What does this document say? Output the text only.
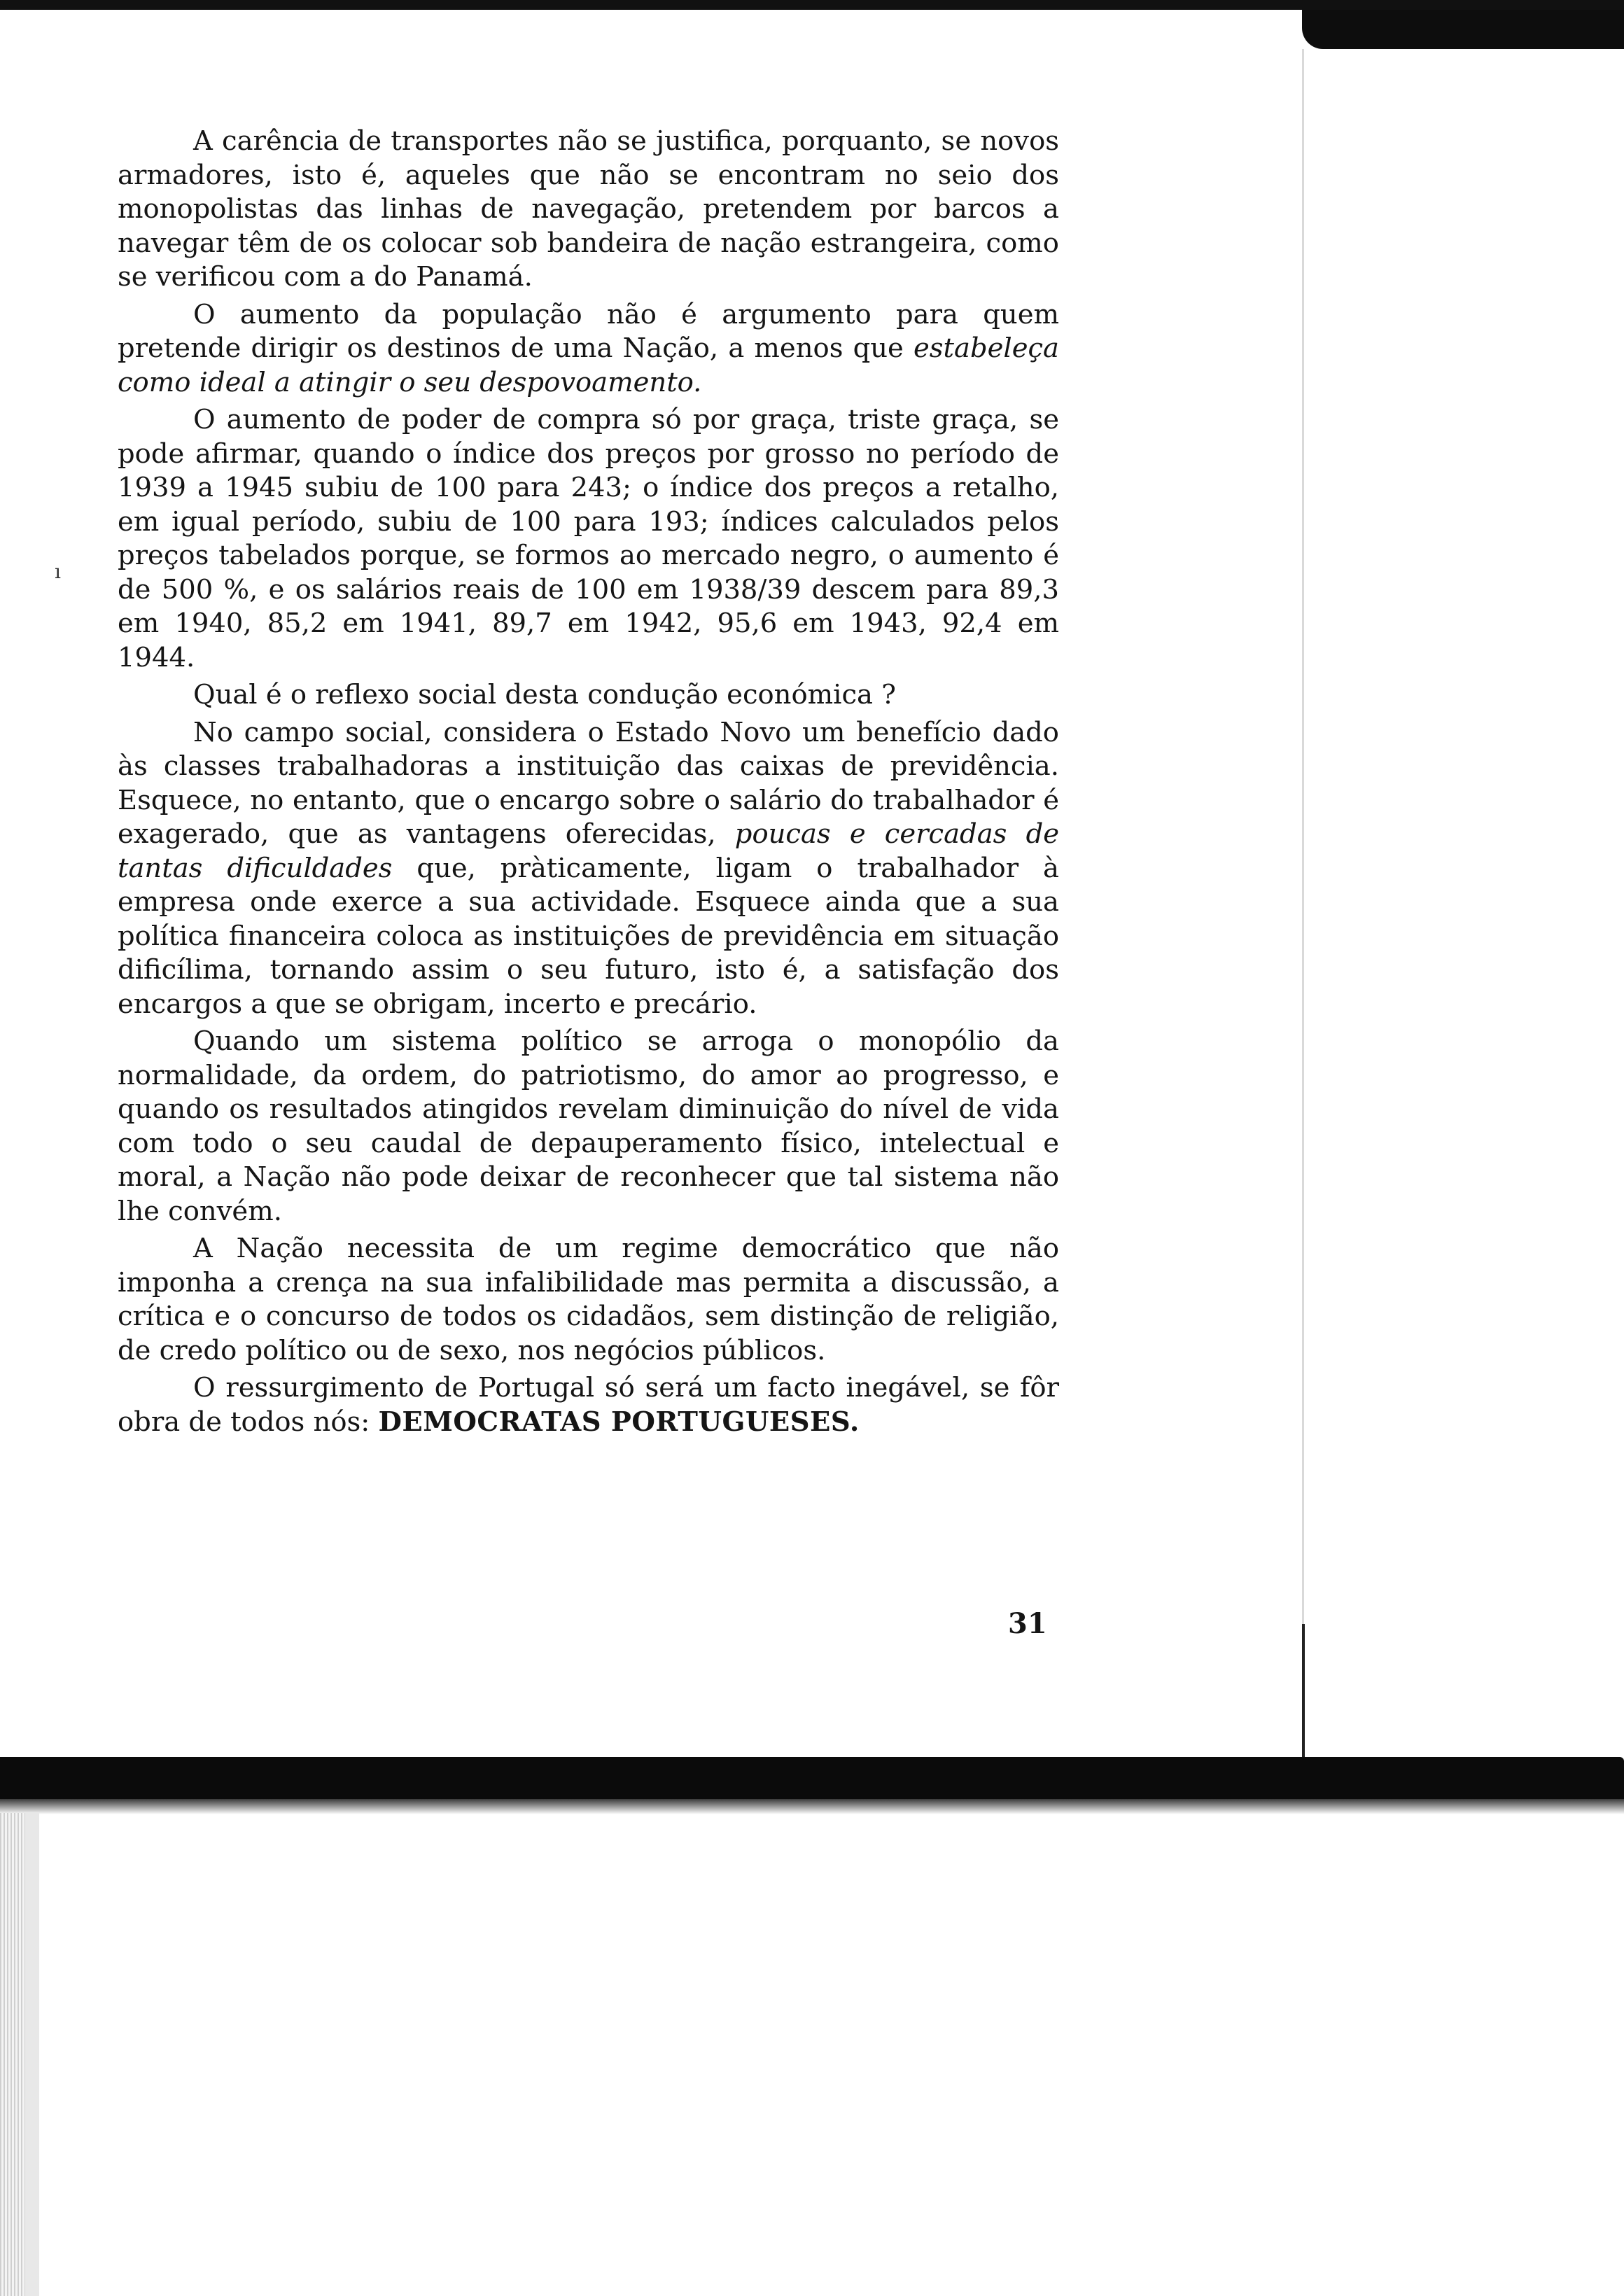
ı

A carência de transportes não se justifica, porquanto, se novos armadores, isto é, aqueles que não se encontram no seio dos monopolistas das linhas de navegação, pretendem por barcos a navegar têm de os colocar sob bandeira de nação estrangeira, como se verificou com a do Panamá.

O aumento da população não é argumento para quem pretende dirigir os destinos de uma Nação, a menos que estabeleça como ideal a atingir o seu despovoamento.

O aumento de poder de compra só por graça, triste graça, se pode afirmar, quando o índice dos preços por grosso no período de 1939 a 1945 subiu de 100 para 243; o índice dos preços a retalho, em igual período, subiu de 100 para 193; índices calculados pelos preços tabelados porque, se formos ao mercado negro, o aumento é de 500 %, e os salários reais de 100 em 1938/39 descem para 89,3 em 1940, 85,2 em 1941, 89,7 em 1942, 95,6 em 1943, 92,4 em 1944.

Qual é o reflexo social desta condução económica ?

No campo social, considera o Estado Novo um benefício dado às classes trabalhadoras a instituição das caixas de previdência. Esquece, no entanto, que o encargo sobre o salário do trabalhador é exagerado, que as vantagens oferecidas, poucas e cercadas de tantas dificuldades que, pràticamente, ligam o trabalhador à empresa onde exerce a sua actividade. Esquece ainda que a sua política financeira coloca as instituições de previdência em situação dificílima, tornando assim o seu futuro, isto é, a satisfação dos encargos a que se obrigam, incerto e precário.

Quando um sistema político se arroga o monopólio da normalidade, da ordem, do patriotismo, do amor ao progresso, e quando os resultados atingidos revelam diminuição do nível de vida com todo o seu caudal de depauperamento físico, intelectual e moral, a Nação não pode deixar de reconhecer que tal sistema não lhe convém.

A Nação necessita de um regime democrático que não imponha a crença na sua infalibilidade mas permita a discussão, a crítica e o concurso de todos os cidadãos, sem distinção de religião, de credo político ou de sexo, nos negócios públicos.

O ressurgimento de Portugal só será um facto inegável, se fôr obra de todos nós: DEMOCRATAS PORTUGUESES.

31
